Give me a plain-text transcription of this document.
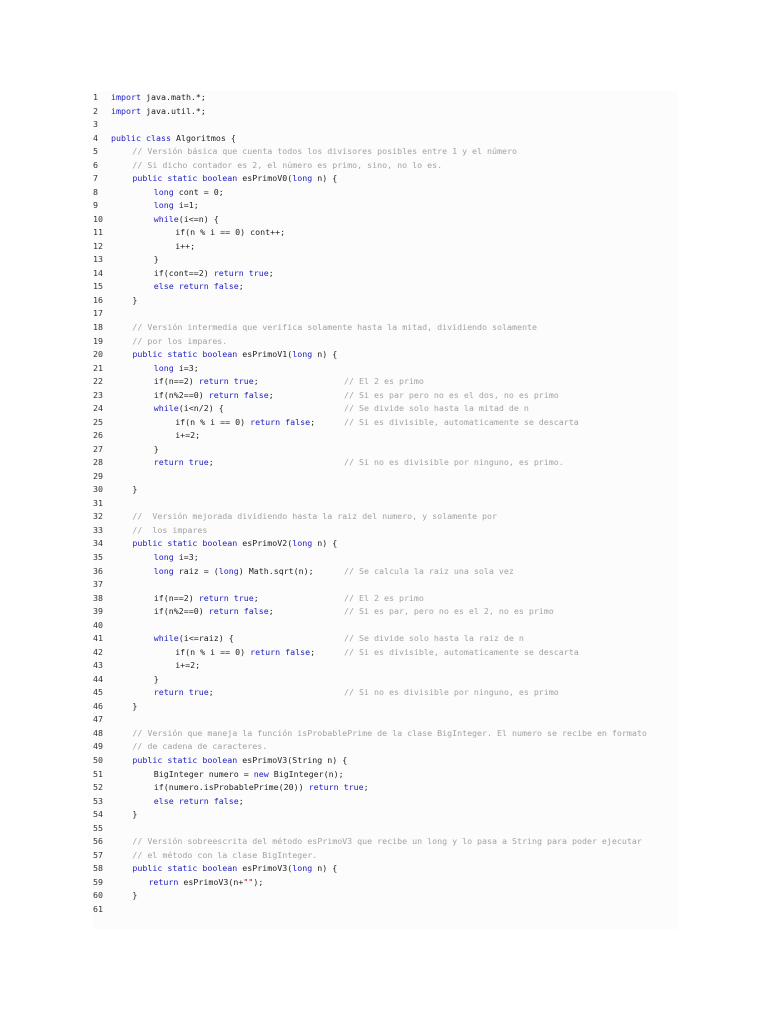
1	import java.math.*;
2	import java.util.*;
3
4	public class Algoritmos {
5	// Versión básica que cuenta todos los divisores posibles entre 1 y el número
6	// Si dicho contador es 2, el número es primo, sino, no lo es.
7	public static boolean esPrimoV0(long n) {
8	long cont = 0;
9	long i=1;
10	while(i<=n) {
11	if(n % i == 0) cont++;
12	i++;
13	}
14	if(cont==2) return true;
15	else return false;
16	}
17
18	// Versión intermedia que verifica solamente hasta la mitad, dividiendo solamente
19	// por los impares.
20	public static boolean esPrimoV1(long n) {
21	long i=3;
22	if(n==2) return true;	// El 2 es primo
23	if(n%2==0) return false;	// Si es par pero no es el dos, no es primo
24	while(i<n/2) {	// Se divide solo hasta la mitad de n
25	if(n % i == 0) return false;	// Si es divisible, automaticamente se descarta
26	i+=2;
27	}
28	return true;	// Si no es divisible por ninguno, es primo.
29
30	}
31
32	//  Versión mejorada dividiendo hasta la raiz del numero, y solamente por
33	//  los impares
34	public static boolean esPrimoV2(long n) {
35	long i=3;
36	long raiz = (long) Math.sqrt(n);	// Se calcula la raiz una sola vez
37
38	if(n==2) return true;	// El 2 es primo
39	if(n%2==0) return false;	// Si es par, pero no es el 2, no es primo
40
41	while(i<=raiz) {	// Se divide solo hasta la raiz de n
42	if(n % i == 0) return false;	// Si es divisible, automaticamente se descarta
43	i+=2;
44	}
45	return true;	// Si no es divisible por ninguno, es primo
46	}
47
48	// Versión que maneja la función isProbablePrime de la clase BigInteger. El numero se recibe en formato
49	// de cadena de caracteres.
50	public static boolean esPrimoV3(String n) {
51	BigInteger numero = new BigInteger(n);
52	if(numero.isProbablePrime(20)) return true;
53	else return false;
54	}
55
56	// Versión sobreescrita del método esPrimoV3 que recibe un long y lo pasa a String para poder ejecutar
57	// el método con la clase BigInteger.
58	public static boolean esPrimoV3(long n) {
59	return esPrimoV3(n+"");
60	}
61
